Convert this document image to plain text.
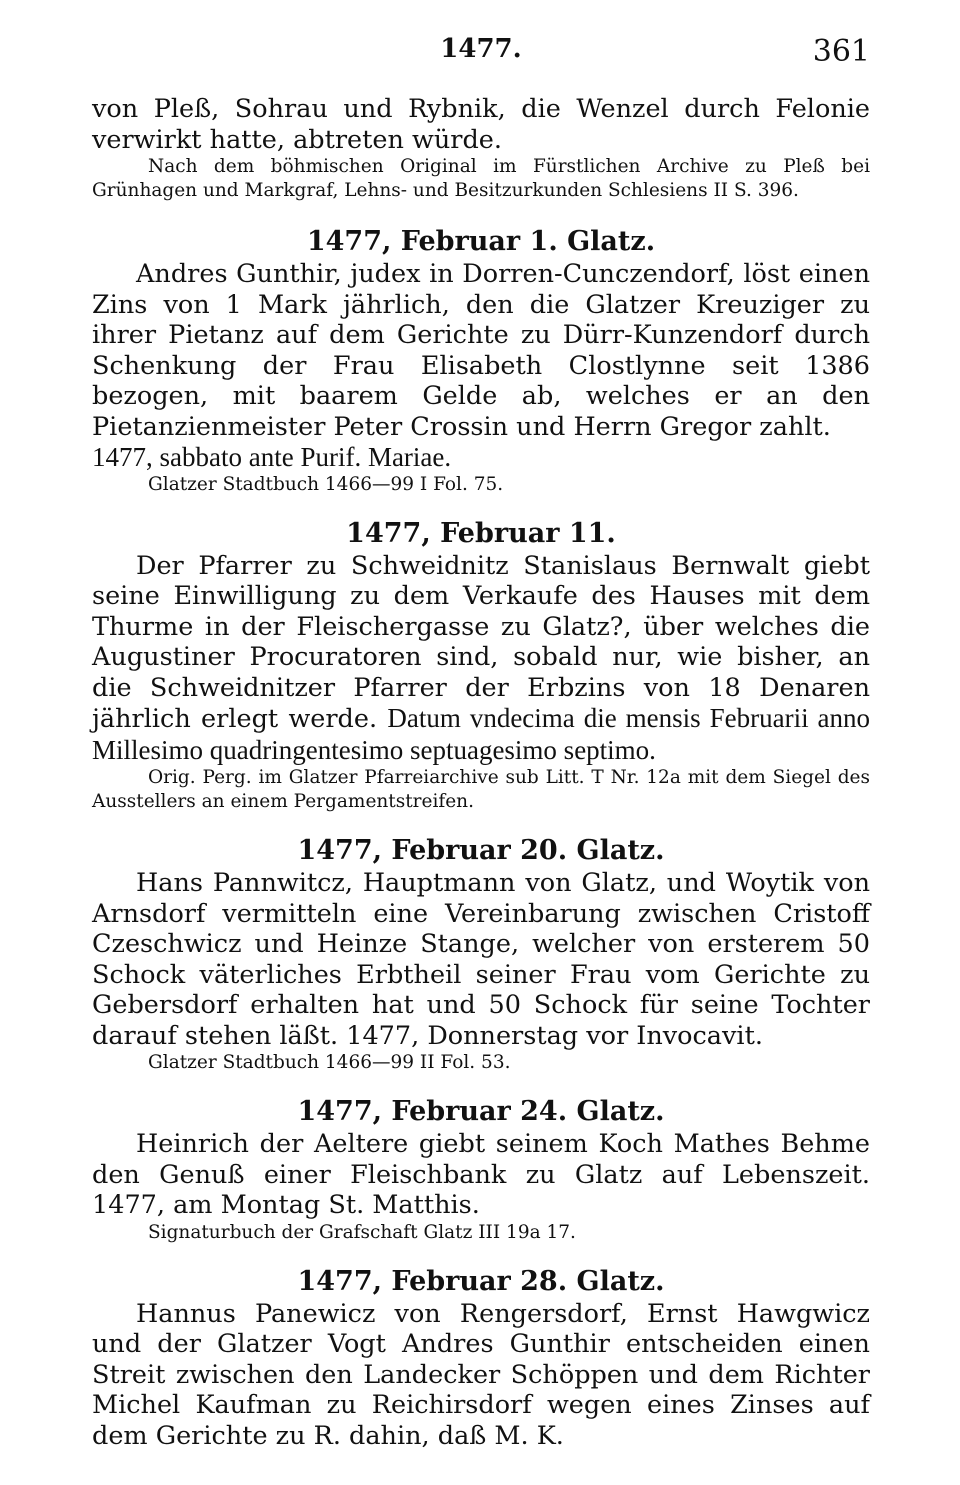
1477.	361

von Pleß, Sohrau und Rybnik, die Wenzel durch Felonie verwirkt hatte, abtreten würde.

Nach dem böhmischen Original im Fürstlichen Archive zu Pleß bei Grünhagen und Markgraf, Lehns- und Besitzurkunden Schlesiens II S. 396.

1477, Februar 1. Glatz.

Andres Gunthir, judex in Dorren-Cunczendorf, löst einen Zins von 1 Mark jährlich, den die Glatzer Kreuziger zu ihrer Pietanz auf dem Gerichte zu Dürr-Kunzendorf durch Schenkung der Frau Elisabeth Clostlynne seit 1386 bezogen, mit baarem Gelde ab, welches er an den Pietanzienmeister Peter Crossin und Herrn Gregor zahlt.

1477, sabbato ante Purif. Mariae.

Glatzer Stadtbuch 1466—99 I Fol. 75.

1477, Februar 11.

Der Pfarrer zu Schweidnitz Stanislaus Bernwalt giebt seine Einwilligung zu dem Verkaufe des Hauses mit dem Thurme in der Fleischergasse zu Glatz?, über welches die Augustiner Procuratoren sind, sobald nur, wie bisher, an die Schweidnitzer Pfarrer der Erbzins von 18 Denaren jährlich erlegt werde. Datum vndecima die mensis Februarii anno Millesimo quadringentesimo septuagesimo septimo.

Orig. Perg. im Glatzer Pfarreiarchive sub Litt. T Nr. 12a mit dem Siegel des Ausstellers an einem Pergamentstreifen.

1477, Februar 20. Glatz.

Hans Pannwitcz, Hauptmann von Glatz, und Woytik von Arnsdorf vermitteln eine Vereinbarung zwischen Cristoff Czeschwicz und Heinze Stange, welcher von ersterem 50 Schock väterliches Erbtheil seiner Frau vom Gerichte zu Gebersdorf erhalten hat und 50 Schock für seine Tochter darauf stehen läßt. 1477, Donnerstag vor Invocavit.

Glatzer Stadtbuch 1466—99 II Fol. 53.

1477, Februar 24. Glatz.

Heinrich der Aeltere giebt seinem Koch Mathes Behme den Genuß einer Fleischbank zu Glatz auf Lebenszeit. 1477, am Montag St. Matthis.

Signaturbuch der Grafschaft Glatz III 19a 17.

1477, Februar 28. Glatz.

Hannus Panewicz von Rengersdorf, Ernst Hawgwicz und der Glatzer Vogt Andres Gunthir entscheiden einen Streit zwischen den Landecker Schöppen und dem Richter Michel Kaufman zu Reichirsdorf wegen eines Zinses auf dem Gerichte zu R. dahin, daß M. K.
